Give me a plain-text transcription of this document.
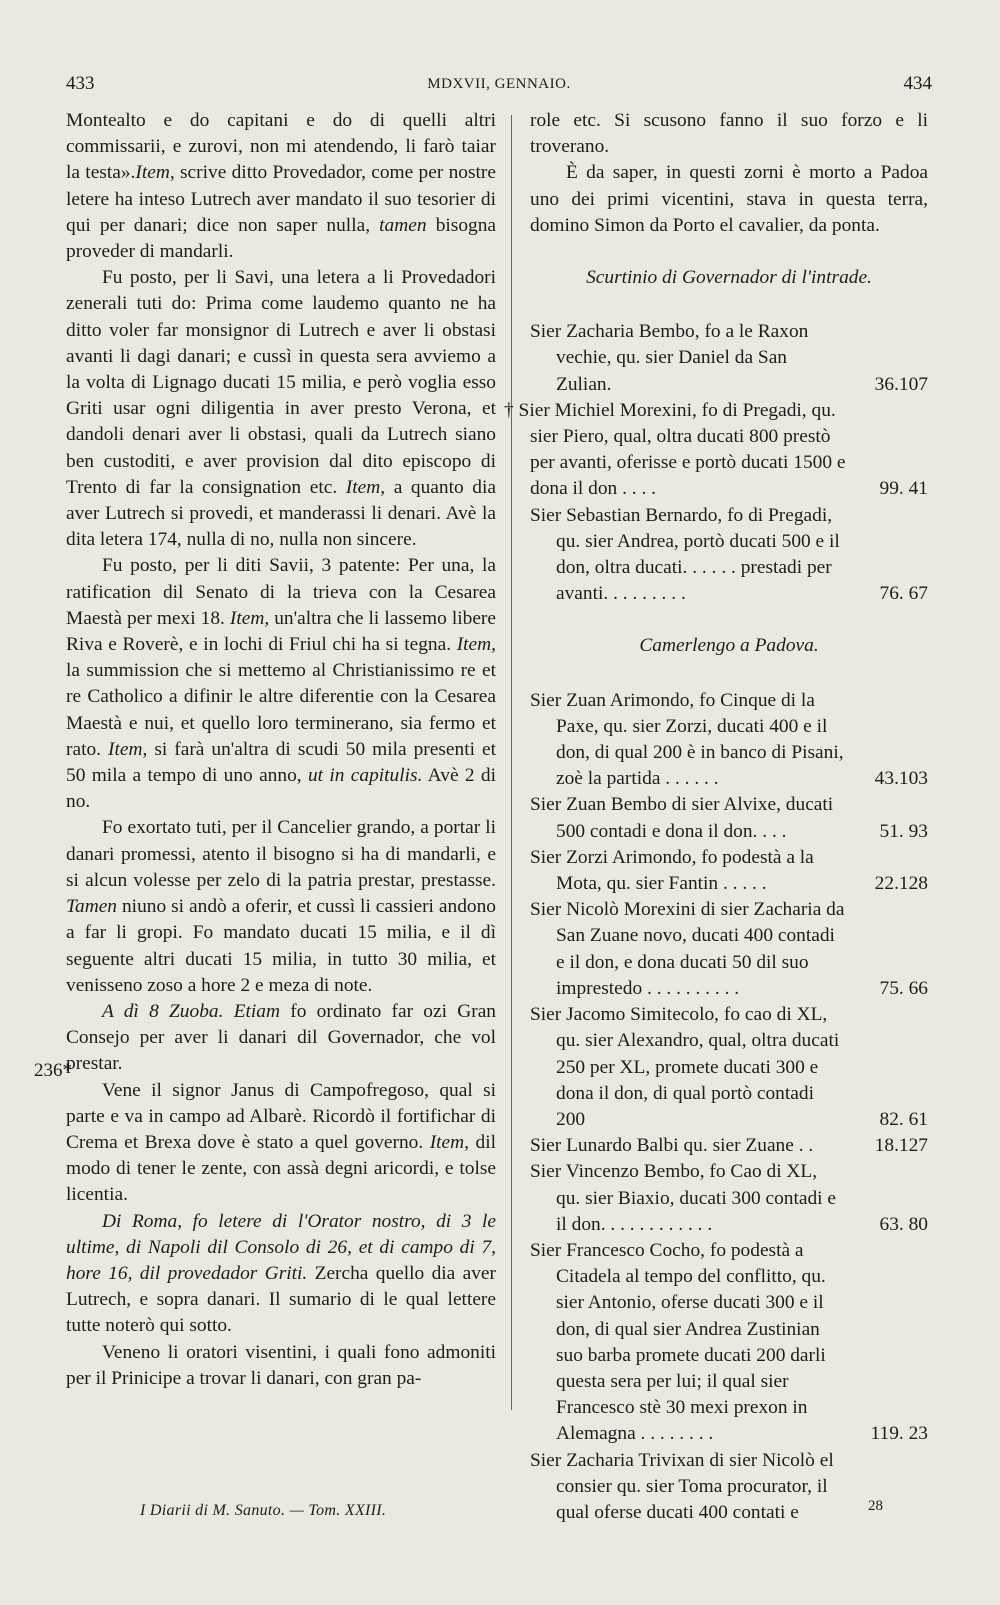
433	MDXVII, GENNAIO.	434
236*

Montealto e do capitani e do di quelli altri commissarii, e zurovi, non mi atendendo, li farò taiar la testa».Item, scrive ditto Provedador, come per nostre letere ha inteso Lutrech aver mandato il suo tesorier di qui per danari; dice non saper nulla, tamen bisogna proveder di mandarli.

Fu posto, per li Savi, una letera a li Provedadori zenerali tuti do: Prima come laudemo quanto ne ha ditto voler far monsignor di Lutrech e aver li obstasi avanti li dagi danari; e cussì in questa sera avviemo a la volta di Lignago ducati 15 milia, e però voglia esso Griti usar ogni diligentia in aver presto Verona, et dandoli denari aver li obstasi, quali da Lutrech siano ben custoditi, e aver provision dal dito episcopo di Trento di far la consignation etc. Item, a quanto dia aver Lutrech si provedi, et manderassi li denari. Avè la dita letera 174, nulla di no, nulla non sincere.

Fu posto, per li diti Savii, 3 patente: Per una, la ratification dil Senato di la trieva con la Cesarea Maestà per mexi 18. Item, un'altra che li lassemo libere Riva e Roverè, e in lochi di Friul chi ha si tegna. Item, la summission che si mettemo al Christianissimo re et re Catholico a difinir le altre diferentie con la Cesarea Maestà e nui, et quello loro terminerano, sia fermo et rato. Item, si farà un'altra di scudi 50 mila presenti et 50 mila a tempo di uno anno, ut in capitulis. Avè 2 di no.

Fo exortato tuti, per il Cancelier grando, a portar li danari promessi, atento il bisogno si ha di mandarli, e si alcun volesse per zelo di la patria prestar, prestasse. Tamen niuno si andò a oferir, et cussì li cassieri andono a far li gropi. Fo mandato ducati 15 milia, e il dì seguente altri ducati 15 milia, in tutto 30 milia, et venisseno zoso a hore 2 e meza di note.

A dì 8 Zuoba. Etiam fo ordinato far ozi Gran Consejo per aver li danari dil Governador, che vol prestar.

Vene il signor Janus di Campofregoso, qual si parte e va in campo ad Albarè. Ricordò il fortifichar di Crema et Brexa dove è stato a quel governo. Item, dil modo di tener le zente, con assà degni aricordi, e tolse licentia.

Di Roma, fo letere di l'Orator nostro, di 3 le ultime, di Napoli dil Consolo di 26, et di campo di 7, hore 16, dil provedador Griti. Zercha quello dia aver Lutrech, e sopra danari. Il sumario di le qual lettere tutte noterò qui sotto.

Veneno li oratori visentini, i quali fono admoniti per il Prinicipe a trovar li danari, con gran pa-

role etc. Si scusono fanno il suo forzo e li troverano.

È da saper, in questi zorni è morto a Padoa uno dei primi vicentini, stava in questa terra, domino Simon da Porto el cavalier, da ponta.

Scurtinio di Governador di l'intrade.

Sier Zacharia Bembo, fo a le Raxon vechie, qu. sier Daniel da San Zulian.	36.107

† Sier Michiel Morexini, fo di Pregadi, qu. sier Piero, qual, oltra ducati 800 prestò per avanti, oferisse e portò ducati 1500 e dona il don . . . .	99. 41

Sier Sebastian Bernardo, fo di Pregadi, qu. sier Andrea, portò ducati 500 e il don, oltra ducati. . . . . . prestadi per avanti. . . . . . . . .	76. 67

Camerlengo a Padova.

Sier Zuan Arimondo, fo Cinque di la Paxe, qu. sier Zorzi, ducati 400 e il don, di qual 200 è in banco di Pisani, zoè la partida . . . . . .	43.103

Sier Zuan Bembo di sier Alvixe, ducati 500 contadi e dona il don. . . .	51. 93

Sier Zorzi Arimondo, fo podestà a la Mota, qu. sier Fantin . . . . .	22.128

Sier Nicolò Morexini di sier Zacharia da San Zuane novo, ducati 400 contadi e il don, e dona ducati 50 dil suo imprestedo . . . . . . . . . .	75. 66

Sier Jacomo Simitecolo, fo cao di XL, qu. sier Alexandro, qual, oltra ducati 250 per XL, promete ducati 300 e dona il don, di qual portò contadi 200	82. 61

Sier Lunardo Balbi qu. sier Zuane . .	18.127

Sier Vincenzo Bembo, fo Cao di XL, qu. sier Biaxio, ducati 300 contadi e il don. . . . . . . . . . . .	63. 80

Sier Francesco Cocho, fo podestà a Citadela al tempo del conflitto, qu. sier Antonio, oferse ducati 300 e il don, di qual sier Andrea Zustinian suo barba promete ducati 200 darli questa sera per lui; il qual sier Francesco stè 30 mexi prexon in Alemagna . . . . . . . .	119. 23

Sier Zacharia Trivixan di sier Nicolò el consier qu. sier Toma procurator, il qual oferse ducati 400 contati e

I Diarii di M. Sanuto. — Tom. XXIII.	28
